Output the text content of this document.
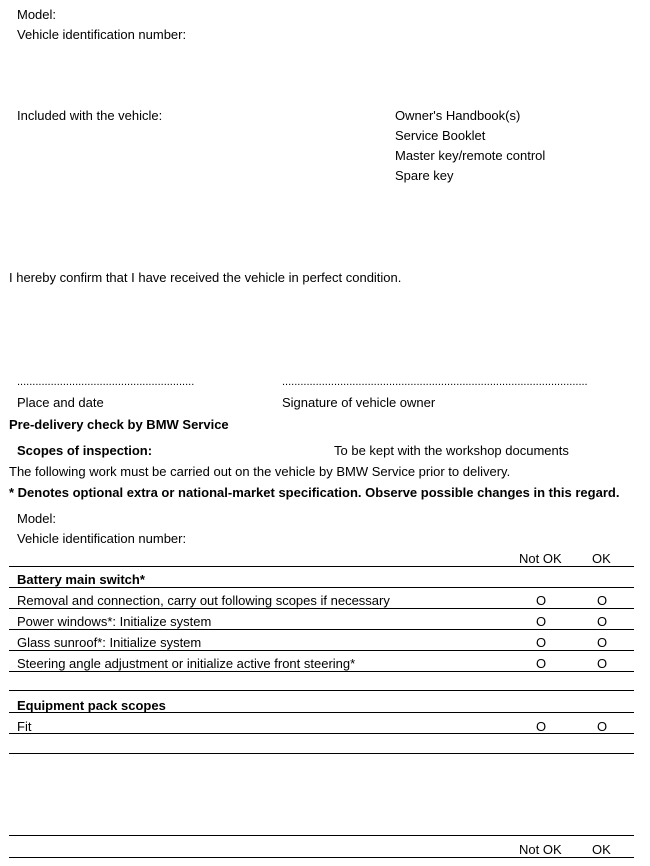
Model:
Vehicle identification number:
Included with the vehicle:	Owner's Handbook(s)
Service Booklet
Master key/remote control
Spare key
I hereby confirm that I have received the vehicle in perfect condition.
..........................................................	....................................................................................................
Place and date	Signature of vehicle owner
Pre-delivery check by BMW Service
Scopes of inspection:	To be kept with the workshop documents
The following work must be carried out on the vehicle by BMW Service prior to delivery.
* Denotes optional extra or national-market specification. Observe possible changes in this regard.
Model:
Vehicle identification number:
Not OK OK
Battery main switch*
Removal and connection, carry out following scopes if necessary	O	O
Power windows*: Initialize system	O	O
Glass sunroof*: Initialize system	O	O
Steering angle adjustment or initialize active front steering*	O	O
Equipment pack scopes
Fit	O	O
Not OK OK
